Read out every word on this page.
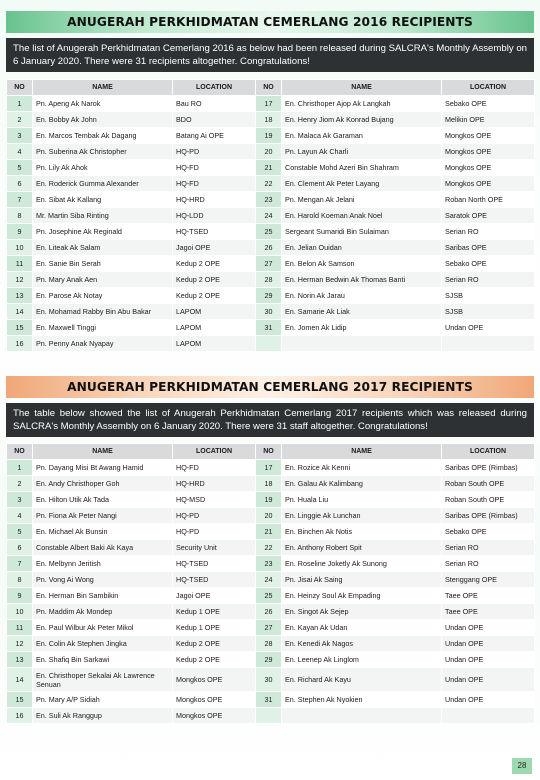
ANUGERAH PERKHIDMATAN CEMERLANG 2016 RECIPIENTS
The list of Anugerah Perkhidmatan Cemerlang 2016 as below had been released during SALCRA's Monthly Assembly on 6 January 2020. There were 31 recipients altogether. Congratulations!
NO	NAME	LOCATION	NO	NAME	LOCATION
1	Pn. Apeng Ak Narok	Bau RO	17	En. Christhoper Ajop Ak Langkah	Sebako OPE
2	En. Bobby Ak John	BDO	18	En. Henry Jiom Ak Konrad Bujang	Melikin OPE
3	En. Marcos Tembak Ak Dagang	Batang Ai OPE	19	En. Malaca Ak Garaman	Mongkos OPE
4	Pn. Suberina Ak Christopher	HQ-PD	20	Pn. Layun Ak Charli	Mongkos OPE
5	Pn. Lily Ak Ahok	HQ-FD	21	Constable Mohd Azeri Bin Shahram	Mongkos OPE
6	En. Roderick Gumma Alexander	HQ-FD	22	En. Clement Ak Peter Layang	Mongkos OPE
7	En. Sibat Ak Kallang	HQ-HRD	23	Pn. Mengan Ak Jelani	Roban North OPE
8	Mr. Martin Siba Rinting	HQ-LDD	24	En. Harold Koeman Anak Noel	Saratok OPE
9	Pn. Josephine Ak Reginald	HQ-TSED	25	Sergeant Sumaridi Bin Sulaiman	Serian RO
10	En. Liteak Ak Salam	Jagoi OPE	26	En. Jelian Ouidan	Saribas OPE
11	En. Sanie Bin Serah	Kedup 2 OPE	27	En. Belon Ak Samson	Sebako OPE
12	Pn. Mary Anak Aen	Kedup 2 OPE	28	En. Herman Bedwin Ak Thomas Banti	Serian RO
13	En. Parose Ak Notay	Kedup 2 OPE	29	En. Norin Ak Jarau	SJSB
14	En. Mohamad Rabby Bin Abu Bakar	LAPOM	30	En. Samarie Ak Liak	SJSB
15	En. Maxwell Tinggi	LAPOM	31	En. Jomen Ak Lidip	Undan OPE
16	Pn. Penny Anak Nyapay	LAPOM			
ANUGERAH PERKHIDMATAN CEMERLANG 2017 RECIPIENTS
The table below showed the list of Anugerah Perkhidmatan Cemerlang 2017 recipients which was released during SALCRA's Monthly Assembly on 6 January 2020. There were 31 staff altogether. Congratulations!
NO	NAME	LOCATION	NO	NAME	LOCATION
1	Pn. Dayang Misi Bt Awang Hamid	HQ-FD	17	En. Rozice Ak Kenni	Saribas OPE (Rimbas)
2	En. Andy Christhoper Goh	HQ-HRD	18	En. Galau Ak Kalimbang	Roban South OPE
3	En. Hilton Utik Ak Tada	HQ-MSD	19	Pn. Huala Liu	Roban South OPE
4	Pn. Fiona Ak Peter Nangi	HQ-PD	20	En. Linggie Ak Lunchan	Saribas OPE (Rimbas)
5	En. Michael Ak Bunsin	HQ-PD	21	En. Binchen Ak Notis	Sebako OPE
6	Constable Albert Baki Ak Kaya	Security Unit	22	En. Anthony Robert Spit	Serian RO
7	En. Melbynn Jeritish	HQ-TSED	23	En. Roseline Joketly Ak Sunong	Serian RO
8	Pn. Vong Ai Wong	HQ-TSED	24	Pn. Jisai Ak Saing	Stenggang OPE
9	En. Herman Bin Sambikin	Jagoi OPE	25	En. Heinzy Soul Ak Empading	Taee OPE
10	Pn. Maddim Ak Mondep	Kedup 1 OPE	26	En. Singot Ak Sejep	Taee OPE
11	En. Paul Wilbur Ak Peter Mikol	Kedup 1 OPE	27	En. Kayan Ak Udan	Undan OPE
12	En. Colin Ak Stephen Jingka	Kedup 2 OPE	28	En. Kenedi Ak Nagos	Undan OPE
13	En. Shafiq Bin Sarkawi	Kedup 2 OPE	29	En. Leenep Ak Linglom	Undan OPE
14	En. Christhoper Sekalai Ak Lawrence Senuan	Mongkos OPE	30	En. Richard Ak Kayu	Undan OPE
15	Pn. Mary A/P Sidiah	Mongkos OPE	31	En. Stephen Ak Nyokien	Undan OPE
16	En. Suli Ak Ranggup	Mongkos OPE			
28
